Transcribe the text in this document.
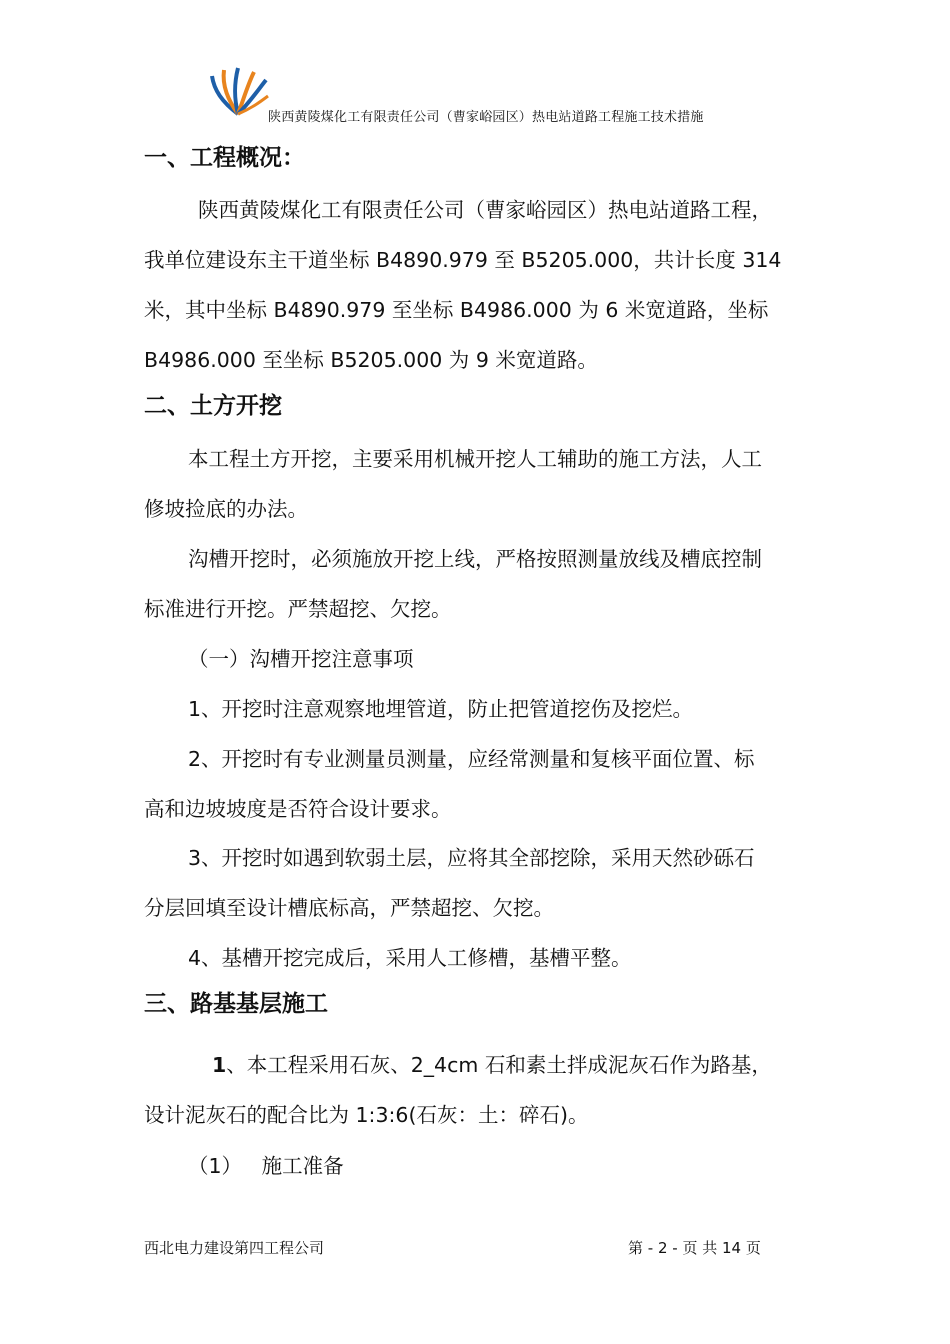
陕西黄陵煤化工有限责任公司（曹家峪园区）热电站道路工程施工技术措施
一、工程概况：
陕西黄陵煤化工有限责任公司（曹家峪园区）热电站道路工程，
我单位建设东主干道坐标 B4890.979 至 B5205.000，共计长度 314
米，其中坐标 B4890.979 至坐标 B4986.000 为 6 米宽道路，坐标
B4986.000 至坐标 B5205.000 为 9 米宽道路。
二、土方开挖
本工程土方开挖，主要采用机械开挖人工辅助的施工方法，人工
修坡捡底的办法。
沟槽开挖时，必须施放开挖上线，严格按照测量放线及槽底控制
标准进行开挖。严禁超挖、欠挖。
（一）沟槽开挖注意事项
1、开挖时注意观察地埋管道，防止把管道挖伤及挖烂。
2、开挖时有专业测量员测量，应经常测量和复核平面位置、标
高和边坡坡度是否符合设计要求。
3、开挖时如遇到软弱土层，应将其全部挖除，采用天然砂砾石
分层回填至设计槽底标高，严禁超挖、欠挖。
4、基槽开挖完成后，采用人工修槽，基槽平整。
三、路基基层施工
1、本工程采用石灰、2_4cm 石和素土拌成泥灰石作为路基，
设计泥灰石的配合比为 1:3:6(石灰：土：碎石)。
（1）   施工准备
西北电力建设第四工程公司	第 - 2 - 页 共 14 页
